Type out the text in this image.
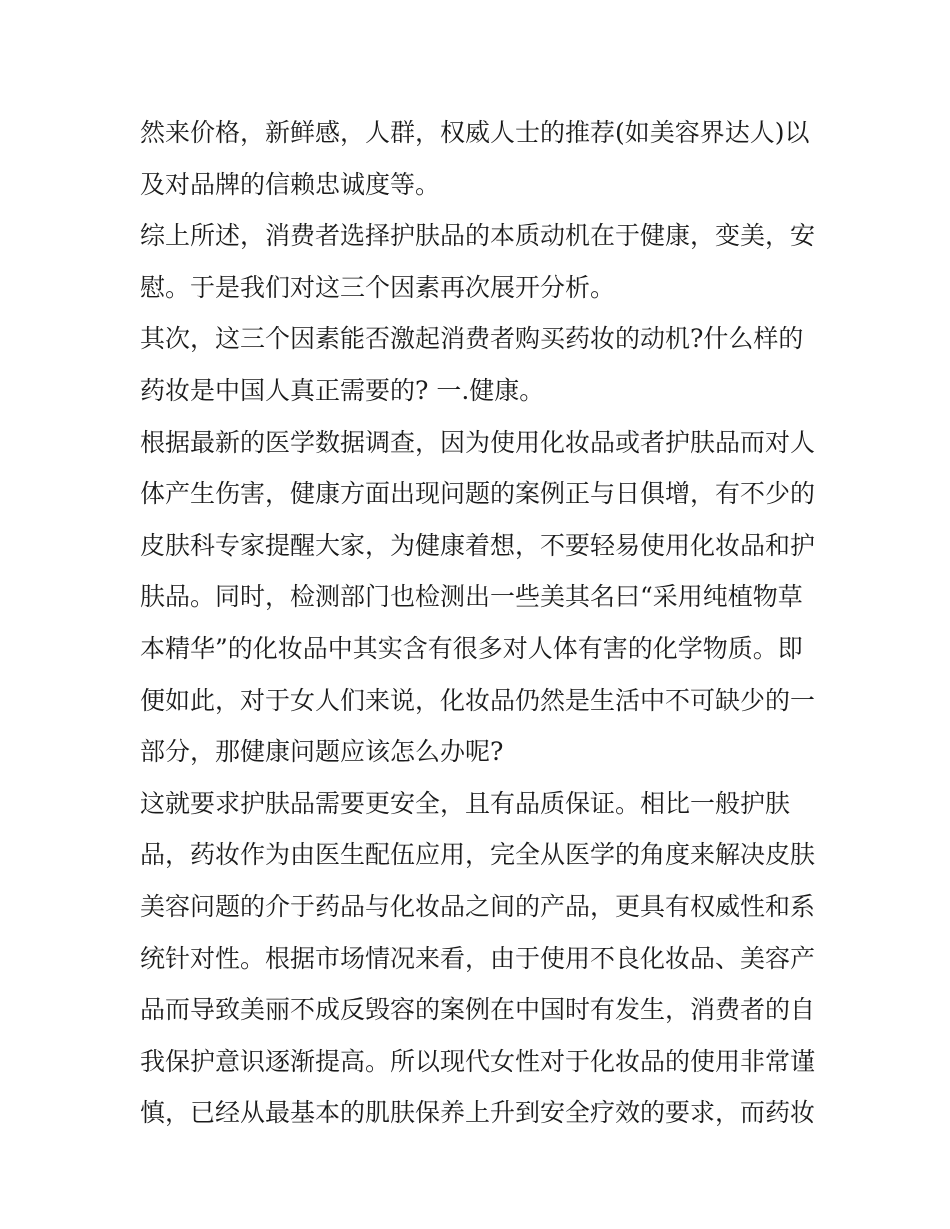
然来价格，新鲜感，人群，权威人士的推荐(如美容界达人)以
及对品牌的信赖忠诚度等。
综上所述，消费者选择护肤品的本质动机在于健康，变美，安
慰。于是我们对这三个因素再次展开分析。
其次，这三个因素能否激起消费者购买药妆的动机?什么样的
药妆是中国人真正需要的? 一.健康。
根据最新的医学数据调查，因为使用化妆品或者护肤品而对人
体产生伤害，健康方面出现问题的案例正与日俱增，有不少的
皮肤科专家提醒大家，为健康着想，不要轻易使用化妆品和护
肤品。同时，检测部门也检测出一些美其名曰“采用纯植物草
本精华”的化妆品中其实含有很多对人体有害的化学物质。即
便如此，对于女人们来说，化妆品仍然是生活中不可缺少的一
部分，那健康问题应该怎么办呢?
这就要求护肤品需要更安全，且有品质保证。相比一般护肤
品，药妆作为由医生配伍应用，完全从医学的角度来解决皮肤
美容问题的介于药品与化妆品之间的产品，更具有权威性和系
统针对性。根据市场情况来看，由于使用不良化妆品、美容产
品而导致美丽不成反毁容的案例在中国时有发生，消费者的自
我保护意识逐渐提高。所以现代女性对于化妆品的使用非常谨
慎，已经从最基本的肌肤保养上升到安全疗效的要求，而药妆
